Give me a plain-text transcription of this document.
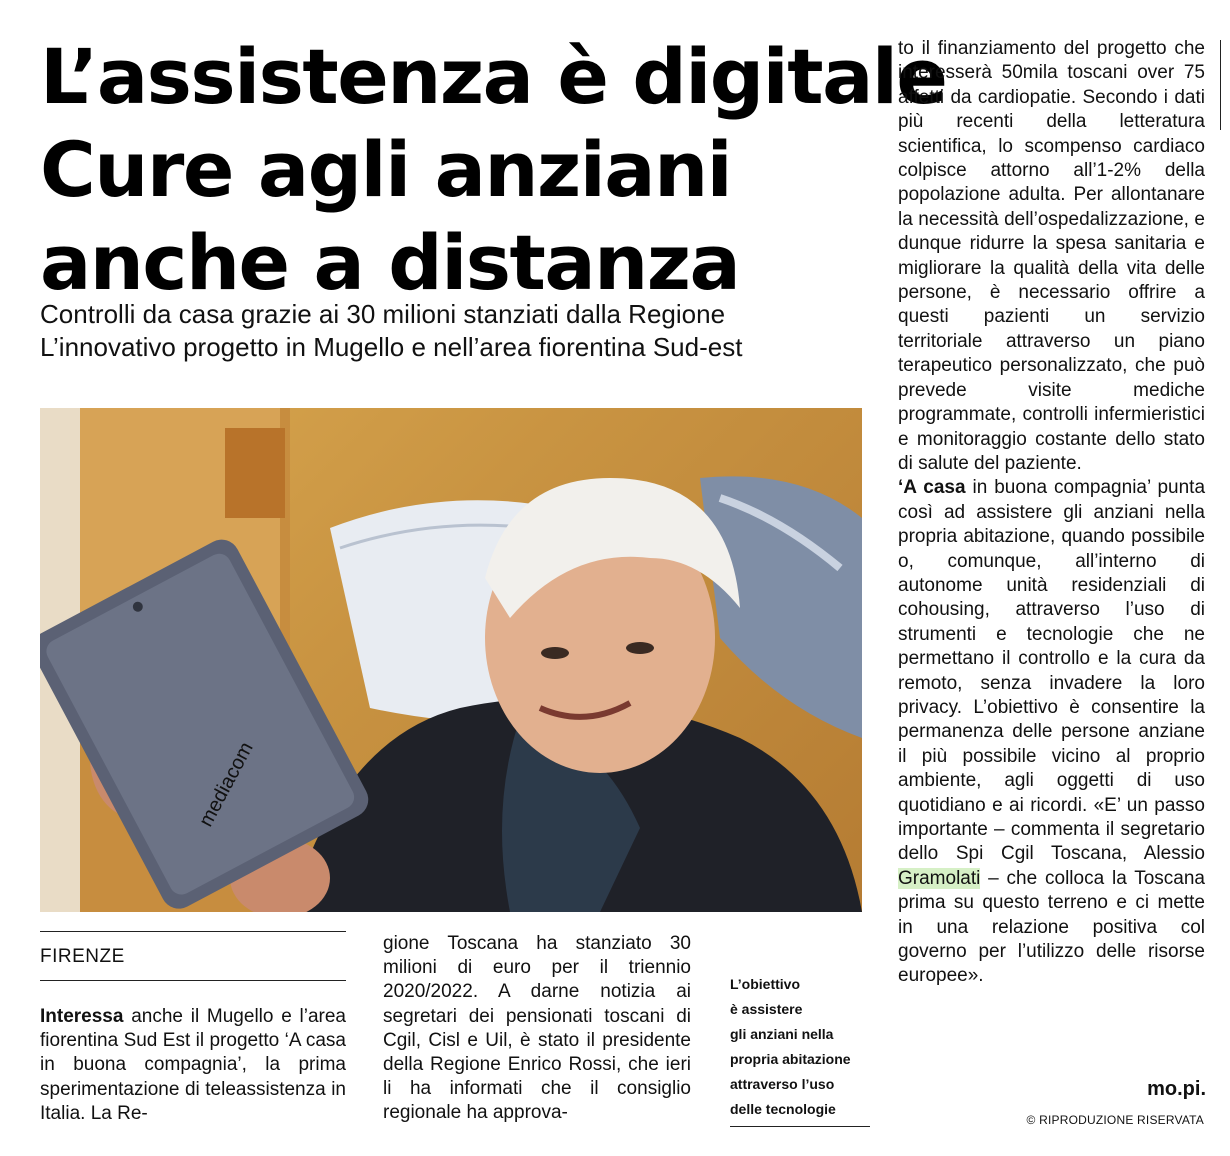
L’assistenza è digitale
Cure agli anziani
anche a distanza
Controlli da casa grazie ai 30 milioni stanziati dalla Regione
L’innovativo progetto in Mugello e nell’area fiorentina Sud-est
mediacom
FIRENZE

Interessa anche il Mugello e l’area fiorentina Sud Est il progetto ‘A casa in buona compagnia’, la prima sperimentazione di teleassistenza in Italia. La Re-

gione Toscana ha stanziato 30 milioni di euro per il triennio 2020/2022. A darne notizia ai segretari dei pensionati toscani di Cgil, Cisl e Uil, è stato il presidente della Regione Enrico Rossi, che ieri li ha informati che il consiglio regionale ha approva-

L’obiettivo
è assistere
gli anziani nella
propria abitazione
attraverso l’uso
delle tecnologie

to il finanziamento del progetto che interesserà 50mila toscani over 75 affetti da cardiopatie. Secondo i dati più recenti della letteratura scientifica, lo scompenso cardiaco colpisce attorno all’1-2% della popolazione adulta. Per allontanare la necessità dell’ospedalizzazione, e dunque ridurre la spesa sanitaria e migliorare la qualità della vita delle persone, è necessario offrire a questi pazienti un servizio territoriale attraverso un piano terapeutico personalizzato, che può prevede visite mediche programmate, controlli infermieristici e monitoraggio costante dello stato di salute del paziente.

‘A casa in buona compagnia’ punta così ad assistere gli anziani nella propria abitazione, quando possibile o, comunque, all’interno di autonome unità residenziali di cohousing, attraverso l’uso di strumenti e tecnologie che ne permettano il controllo e la cura da remoto, senza invadere la loro privacy. L’obiettivo è consentire la permanenza delle persone anziane il più possibile vicino al proprio ambiente, agli oggetti di uso quotidiano e ai ricordi. «E’ un passo importante – commenta il segretario dello Spi Cgil Toscana, Alessio Gramolati – che colloca la Toscana prima su questo terreno e ci mette in una relazione positiva col governo per l’utilizzo delle risorse europee».

mo.pi.
© RIPRODUZIONE RISERVATA
